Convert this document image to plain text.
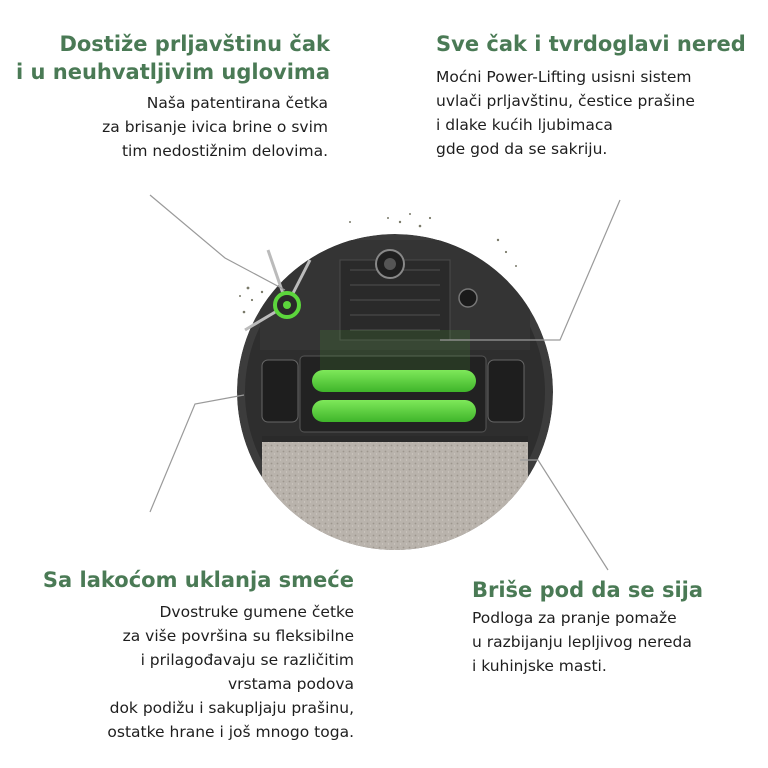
Dostiže prljavštinu čak
i u neuhvatljivim uglovima
Naša patentirana četka
za brisanje ivica brine o svim
tim nedostižnim delovima.
Sve čak i tvrdoglavi nered
Moćni Power-Lifting usisni sistem
uvlači prljavštinu, čestice prašine
i dlake kućih ljubimaca
gde god da se sakriju.
Sa lakoćom uklanja smeće
Dvostruke gumene četke
za više površina su fleksibilne
i prilagođavaju se različitim
vrstama podova
dok podižu i sakupljaju prašinu,
ostatke hrane i još mnogo toga.
Briše pod da se sija
Podloga za pranje pomaže
u razbijanju lepljivog nereda
i kuhinjske masti.
